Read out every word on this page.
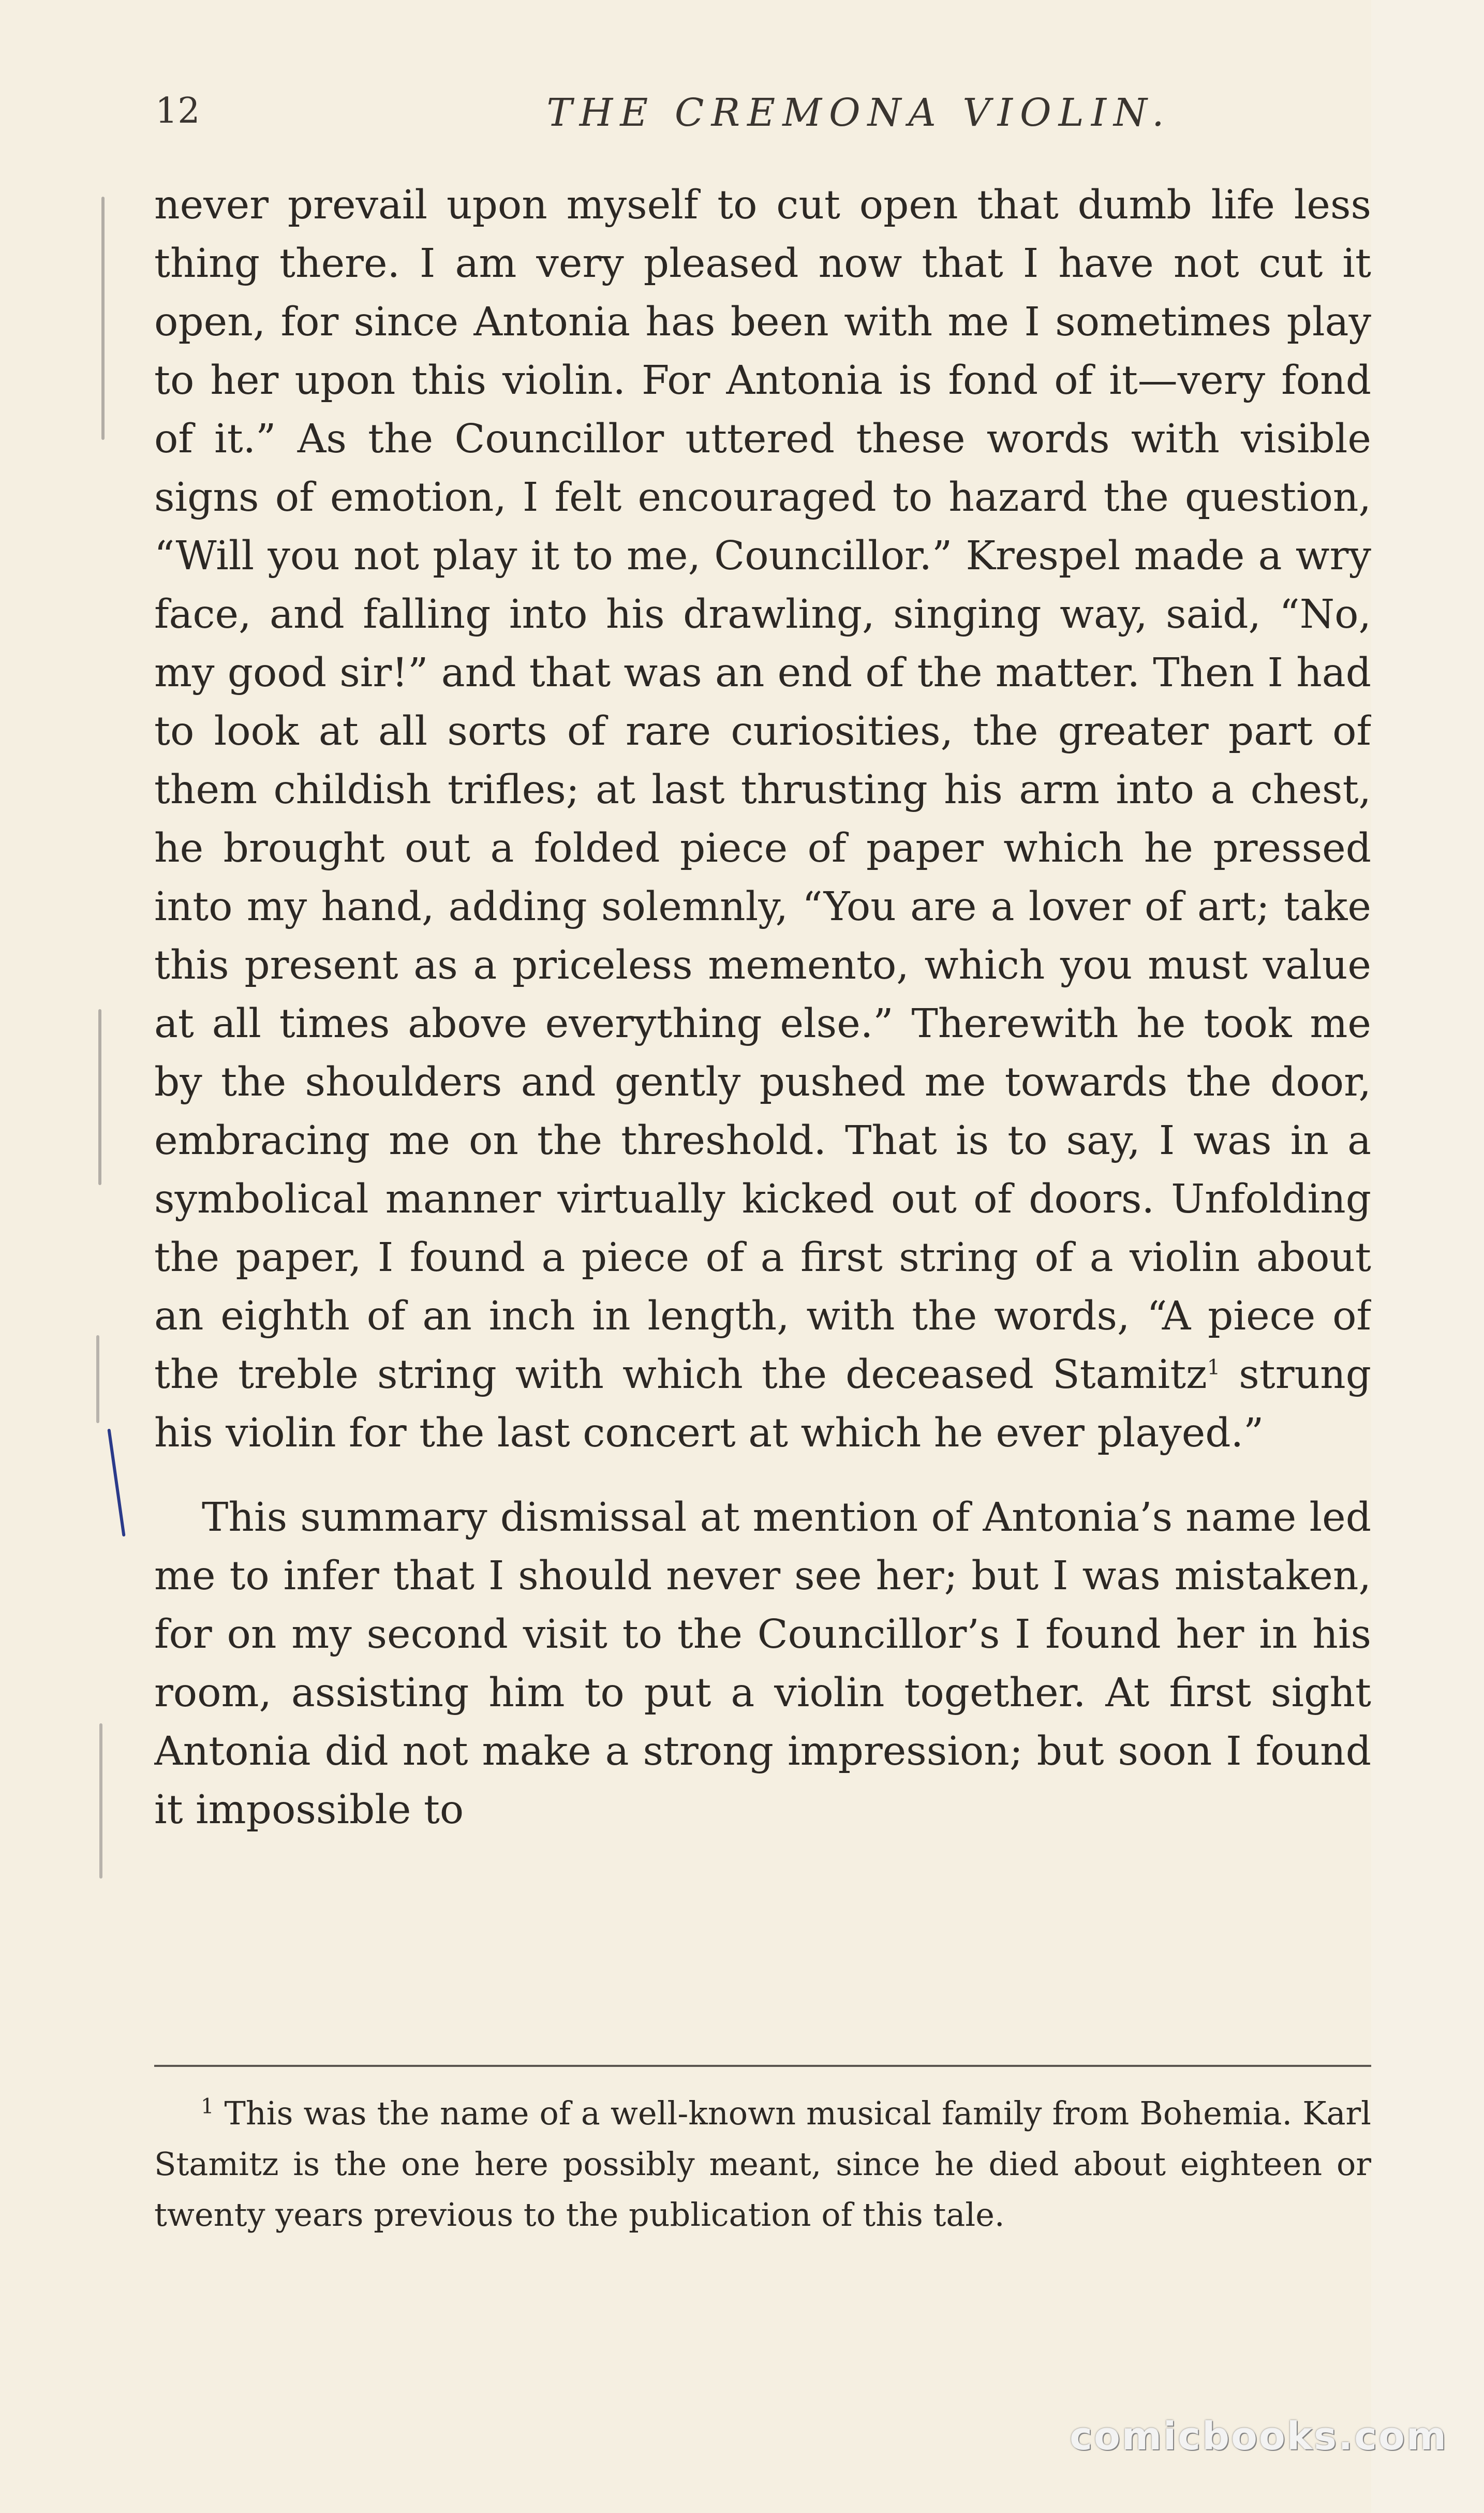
12	THE CREMONA VIOLIN.

never prevail upon myself to cut open that dumb life less thing there. I am very pleased now that I have not cut it open, for since Antonia has been with me I sometimes play to her upon this violin. For Antonia is fond of it—very fond of it.” As the Councillor uttered these words with visible signs of emotion, I felt encouraged to hazard the question, “Will you not play it to me, Councillor.” Krespel made a wry face, and falling into his drawling, singing way, said, “No, my good sir!” and that was an end of the matter. Then I had to look at all sorts of rare curiosities, the greater part of them childish trifles; at last thrusting his arm into a chest, he brought out a folded piece of paper which he pressed into my hand, adding solemnly, “You are a lover of art; take this present as a priceless memento, which you must value at all times above everything else.” Therewith he took me by the shoulders and gently pushed me towards the door, embracing me on the threshold. That is to say, I was in a symbolical manner virtually kicked out of doors. Unfolding the paper, I found a piece of a first string of a violin about an eighth of an inch in length, with the words, “A piece of the treble string with which the deceased Stamitz$^1$ strung his violin for the last concert at which he ever played.”

This summary dismissal at mention of Antonia’s name led me to infer that I should never see her; but I was mistaken, for on my second visit to the Councillor’s I found her in his room, assisting him to put a violin together. At first sight Antonia did not make a strong impression; but soon I found it impossible to

$^1$ This was the name of a well-known musical family from Bohemia. Karl Stamitz is the one here possibly meant, since he died about eighteen or twenty years previous to the publication of this tale.
comicbooks.com
